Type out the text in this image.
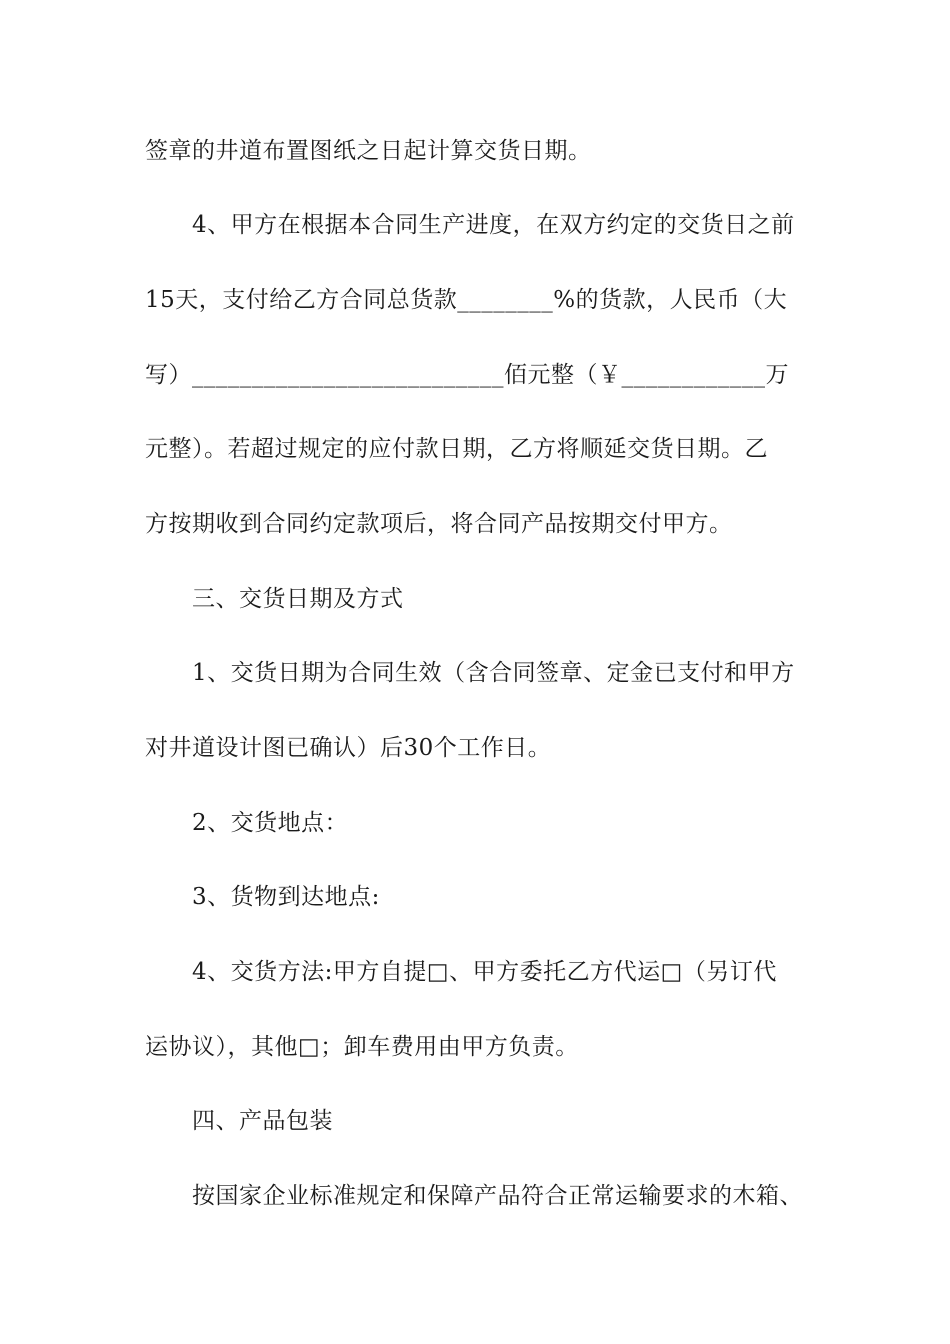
签章的井道布置图纸之日起计算交货日期。
4、甲方在根据本合同生产进度，在双方约定的交货日之前
15天，支付给乙方合同总货款________%的货款，人民币（大
写）__________________________佰元整（￥____________万
元整）。若超过规定的应付款日期，乙方将顺延交货日期。乙
方按期收到合同约定款项后，将合同产品按期交付甲方。
三、交货日期及方式
1、交货日期为合同生效（含合同签章、定金已支付和甲方
对井道设计图已确认）后30个工作日。
2、交货地点：
3、货物到达地点:
4、交货方法:甲方自提□、甲方委托乙方代运□（另订代
运协议），其他□；卸车费用由甲方负责。
四、产品包装
按国家企业标准规定和保障产品符合正常运输要求的木箱、
